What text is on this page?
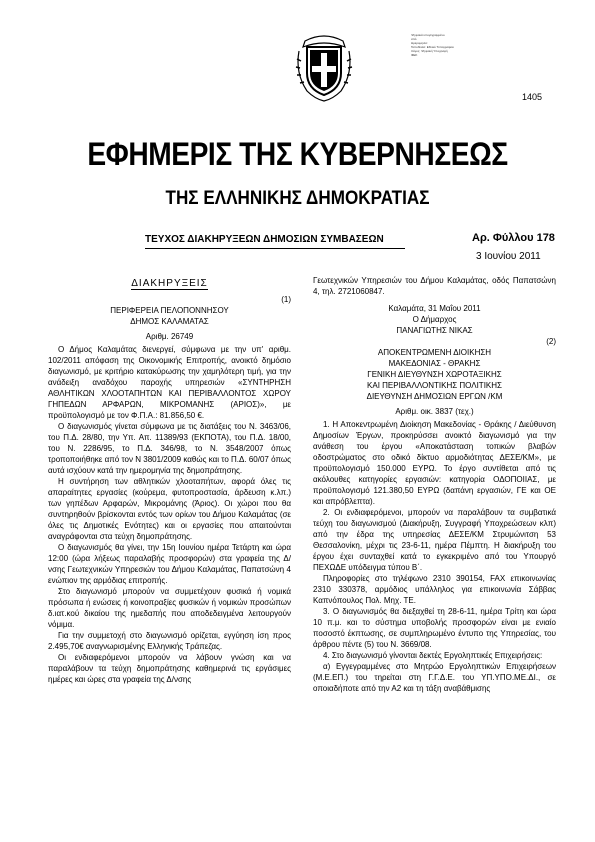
Ψηφιακά υπογεγραμμένο
από
Ημερομηνία:
Τοποθεσία: Εθνικό Τυπογραφείο
Λόγος: Ψηφιακή Υπογραφή
ΦΕΚ
1405
ΕΦΗΜΕΡΙΣ ΤΗΣ ΚΥΒΕΡΝΗΣΕΩΣ
ΤΗΣ ΕΛΛΗΝΙΚΗΣ ΔΗΜΟΚΡΑΤΙΑΣ
ΤΕΥΧΟΣ ΔΙΑΚΗΡΥΞΕΩΝ ΔΗΜΟΣΙΩΝ ΣΥΜΒΑΣΕΩΝ	Αρ. Φύλλου 178
3 Ιουνίου 2011
ΔΙΑΚΗΡΥΞΕΙΣ

(1)

ΠΕΡΙΦΕΡΕΙΑ ΠΕΛΟΠΟΝΝΗΣΟΥ

ΔΗΜΟΣ ΚΑΛΑΜΑΤΑΣ

Αριθμ. 26749

Ο Δήμος Καλαμάτας διενεργεί, σύμφωνα με την υπ' αριθμ. 102/2011 απόφαση της Οικονομικής Επιτροπής, ανοικτό δημόσιο διαγωνισμό, με κριτήριο κατακύρωσης την χαμηλότερη τιμή, για την ανάδειξη αναδόχου παροχής υπηρεσιών «ΣΥΝΤΗΡΗΣΗ ΑΘΛΗΤΙΚΩΝ ΧΛΟΟΤΑΠΗΤΩΝ ΚΑΙ ΠΕΡΙΒΑΛΛΟΝΤΟΣ ΧΩΡΟΥ ΓΗΠΕΔΩΝ ΑΡΦΑΡΩΝ, ΜΙΚΡΟΜΑΝΗΣ (ΑΡΙΟΣ)», με προϋπολογισμό με τον Φ.Π.Α.: 81.856,50 €.

Ο διαγωνισμός γίνεται σύμφωνα με τις διατάξεις του Ν. 3463/06, του Π.Δ. 28/80, την Υπ. Απ. 11389/93 (ΕΚΠΟΤΑ), του Π.Δ. 18/00, του Ν. 2286/95, το Π.Δ. 346/98, το Ν. 3548/2007 όπως τροποποιήθηκε από τον Ν 3801/2009 καθώς και το Π.Δ. 60/07 όπως αυτά ισχύουν κατά την ημερομηνία της δημοπράτησης.

Η συντήρηση των αθλητικών χλοοταπήτων, αφορά όλες τις απαραίτητες εργασίες (κούρεμα, φυτοπροστασία, άρδευση κ.λπ.) των γηπέδων Αρφαρών, Μικρομάνης (Άριος). Οι χώροι που θα συντηρηθούν βρίσκονται εντός των ορίων του Δήμου Καλαμάτας (σε όλες τις Δημοτικές Ενότητες) και οι εργασίες που απαιτούνται αναγράφονται στα τεύχη δημοπράτησης.

Ο διαγωνισμός θα γίνει, την 15η Ιουνίου ημέρα Τετάρτη και ώρα 12:00 (ώρα λήξεως παραλαβής προσφορών) στα γραφεία της Δ/νσης Γεωτεχνικών Υπηρεσιών του Δήμου Καλαμάτας, Παπατσώνη 4 ενώπιον της αρμόδιας επιτροπής.

Στο διαγωνισμό μπορούν να συμμετέχουν φυσικά ή νομικά πρόσωπα ή ενώσεις ή κοινοπραξίες φυσικών ή νομικών προσώπων δ.ιατ.κού δικαίου της ημεδαπής που αποδεδειγμένα λειτουργούν νόμιμα.

Για την συμμετοχή στο διαγωνισμό ορίζεται, εγγύηση ίση προς 2.495,70€ αναγνωρισμένης Ελληνικής Τράπεζας.

Οι ενδιαφερόμενοι μπορούν να λάβουν γνώση και να παραλάβουν τα τεύχη δημοπράτησης καθημερινά τις εργάσιμες ημέρες και ώρες στα γραφεία της Δ/νσης

Γεωτεχνικών Υπηρεσιών του Δήμου Καλαμάτας, οδός Παπατσώνη 4, τηλ. 2721060847.

Καλαμάτα, 31 Μαΐου 2011

Ο Δήμαρχος

ΠΑΝΑΓΙΩΤΗΣ ΝΙΚΑΣ

(2)

ΑΠΟΚΕΝΤΡΩΜΕΝΗ ΔΙΟΙΚΗΣΗ

ΜΑΚΕΔΟΝΙΑΣ - ΘΡΑΚΗΣ

ΓΕΝΙΚΗ ΔΙΕΥΘΥΝΣΗ ΧΩΡΟΤΑΞΙΚΗΣ

ΚΑΙ ΠΕΡΙΒΑΛΛΟΝΤΙΚΗΣ ΠΟΛΙΤΙΚΗΣ

ΔΙΕΥΘΥΝΣΗ ΔΗΜΟΣΙΩΝ ΕΡΓΩΝ /ΚΜ

Αριθμ. οικ. 3837 (τεχ.)

1. Η Αποκεντρωμένη Διοίκηση Μακεδονίας - Θράκης / Διεύθυνση Δημοσίων Έργων, προκηρύσσει ανοικτό διαγωνισμό για την ανάθεση του έργου «Αποκατάσταση τοπικών βλαβών οδοστρώματος στο οδικό δίκτυο αρμοδιότητας ΔΕΣΕ/ΚΜ», με προϋπολογισμό 150.000 ΕΥΡΩ. Το έργο συντίθεται από τις ακόλουθες κατηγορίες εργασιών: κατηγορία ΟΔΟΠΟΙΙΑΣ, με προϋπολογισμό 121.380,50 ΕΥΡΩ (δαπάνη εργασιών, ΓΕ και ΟΕ και απρόβλεπτα).

2. Οι ενδιαφερόμενοι, μπορούν να παραλάβουν τα συμβατικά τεύχη του διαγωνισμού (Διακήρυξη, Συγγραφή Υποχρεώσεων κλπ) από την έδρα της υπηρεσίας ΔΕΣΕ/ΚΜ Στρυμώνιτση 53 Θεσσαλονίκη, μέχρι τις 23-6-11, ημέρα Πέμπτη. Η διακήρυξη του έργου έχει συνταχθεί κατά το εγκεκριμένο από του Υπουργό ΠΕΧΩΔΕ υπόδειγμα τύπου Β΄.

Πληροφορίες στο τηλέφωνο 2310 390154, FAX επικοινωνίας 2310 330378, αρμόδιος υπάλληλος για επικοινωνία Σάββας Καπνόπουλος Πολ. Μηχ. ΤΕ.

3. Ο διαγωνισμός θα διεξαχθεί τη 28-6-11, ημέρα Τρίτη και ώρα 10 π.μ. και το σύστημα υποβολής προσφορών είναι με ενιαίο ποσοστό έκπτωσης, σε συμπληρωμένο έντυπο της Υπηρεσίας, του άρθρου πέντε (5) του Ν. 3669/08.

4. Στο διαγωνισμό γίνονται δεκτές Εργοληπτικές Επιχειρήσεις:

α) Εγγεγραμμένες στο Μητρώο Εργοληπτικών Επιχειρήσεων (Μ.Ε.ΕΠ.) του τηρείται στη Γ.Γ.Δ.Ε. του ΥΠ.ΥΠΟ.ΜΕ.ΔΙ., σε οποιαδήποτε από την Α2 και τη τάξη αναβάθμισης
